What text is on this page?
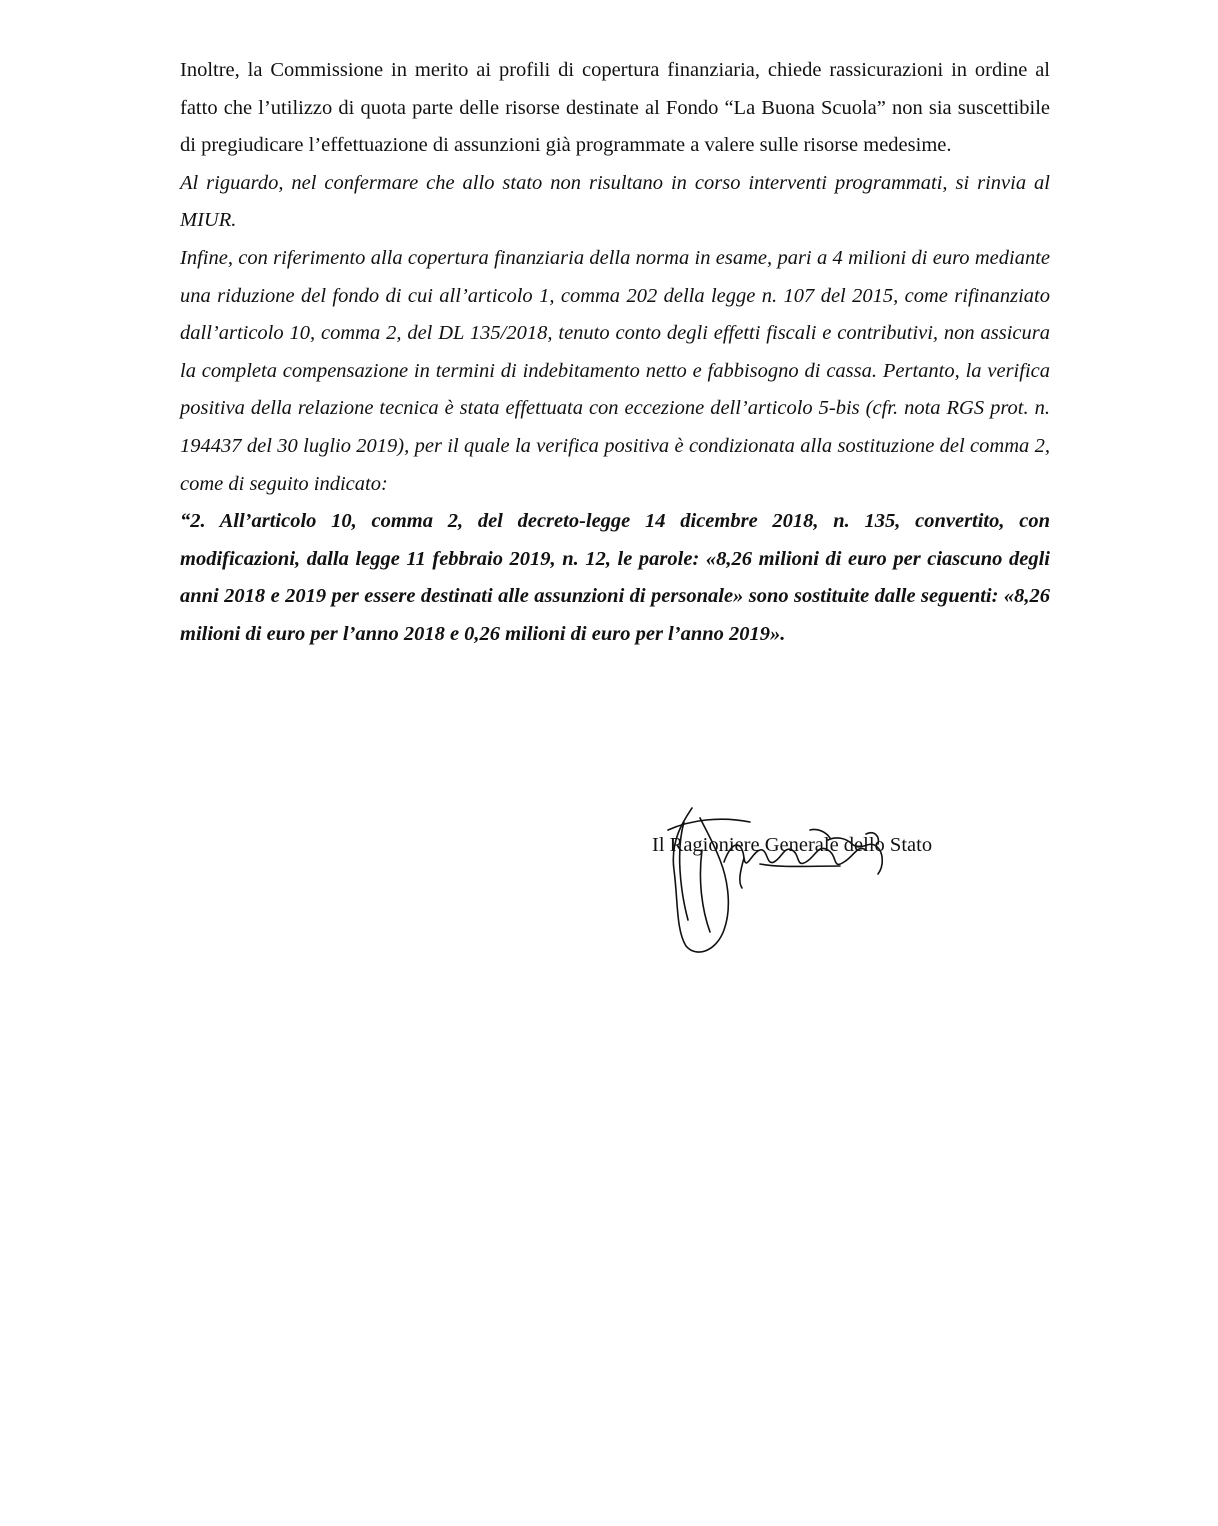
Inoltre, la Commissione in merito ai profili di copertura finanziaria, chiede rassicurazioni in ordine al fatto che l’utilizzo di quota parte delle risorse destinate al Fondo “La Buona Scuola” non sia suscettibile di pregiudicare l’effettuazione di assunzioni già programmate a valere sulle risorse medesime.

Al riguardo, nel confermare che allo stato non risultano in corso interventi programmati, si rinvia al MIUR.

Infine, con riferimento alla copertura finanziaria della norma in esame, pari a 4 milioni di euro mediante una riduzione del fondo di cui all’articolo 1, comma 202 della legge n. 107 del 2015, come rifinanziato dall’articolo 10, comma 2, del DL 135/2018, tenuto conto degli effetti fiscali e contributivi, non assicura la completa compensazione in termini di indebitamento netto e fabbisogno di cassa. Pertanto, la verifica positiva della relazione tecnica è stata effettuata con eccezione dell’articolo 5-bis (cfr. nota RGS prot. n. 194437 del 30 luglio 2019), per il quale la verifica positiva è condizionata alla sostituzione del comma 2, come di seguito indicato:

“2. All’articolo 10, comma 2, del decreto-legge 14 dicembre 2018, n. 135, convertito, con modificazioni, dalla legge 11 febbraio 2019, n. 12, le parole: «8,26 milioni di euro per ciascuno degli anni 2018 e 2019 per essere destinati alle assunzioni di personale» sono sostituite dalle seguenti: «8,26 milioni di euro per l’anno 2018 e 0,26 milioni di euro per l’anno 2019».

Il Ragioniere Generale dello Stato
